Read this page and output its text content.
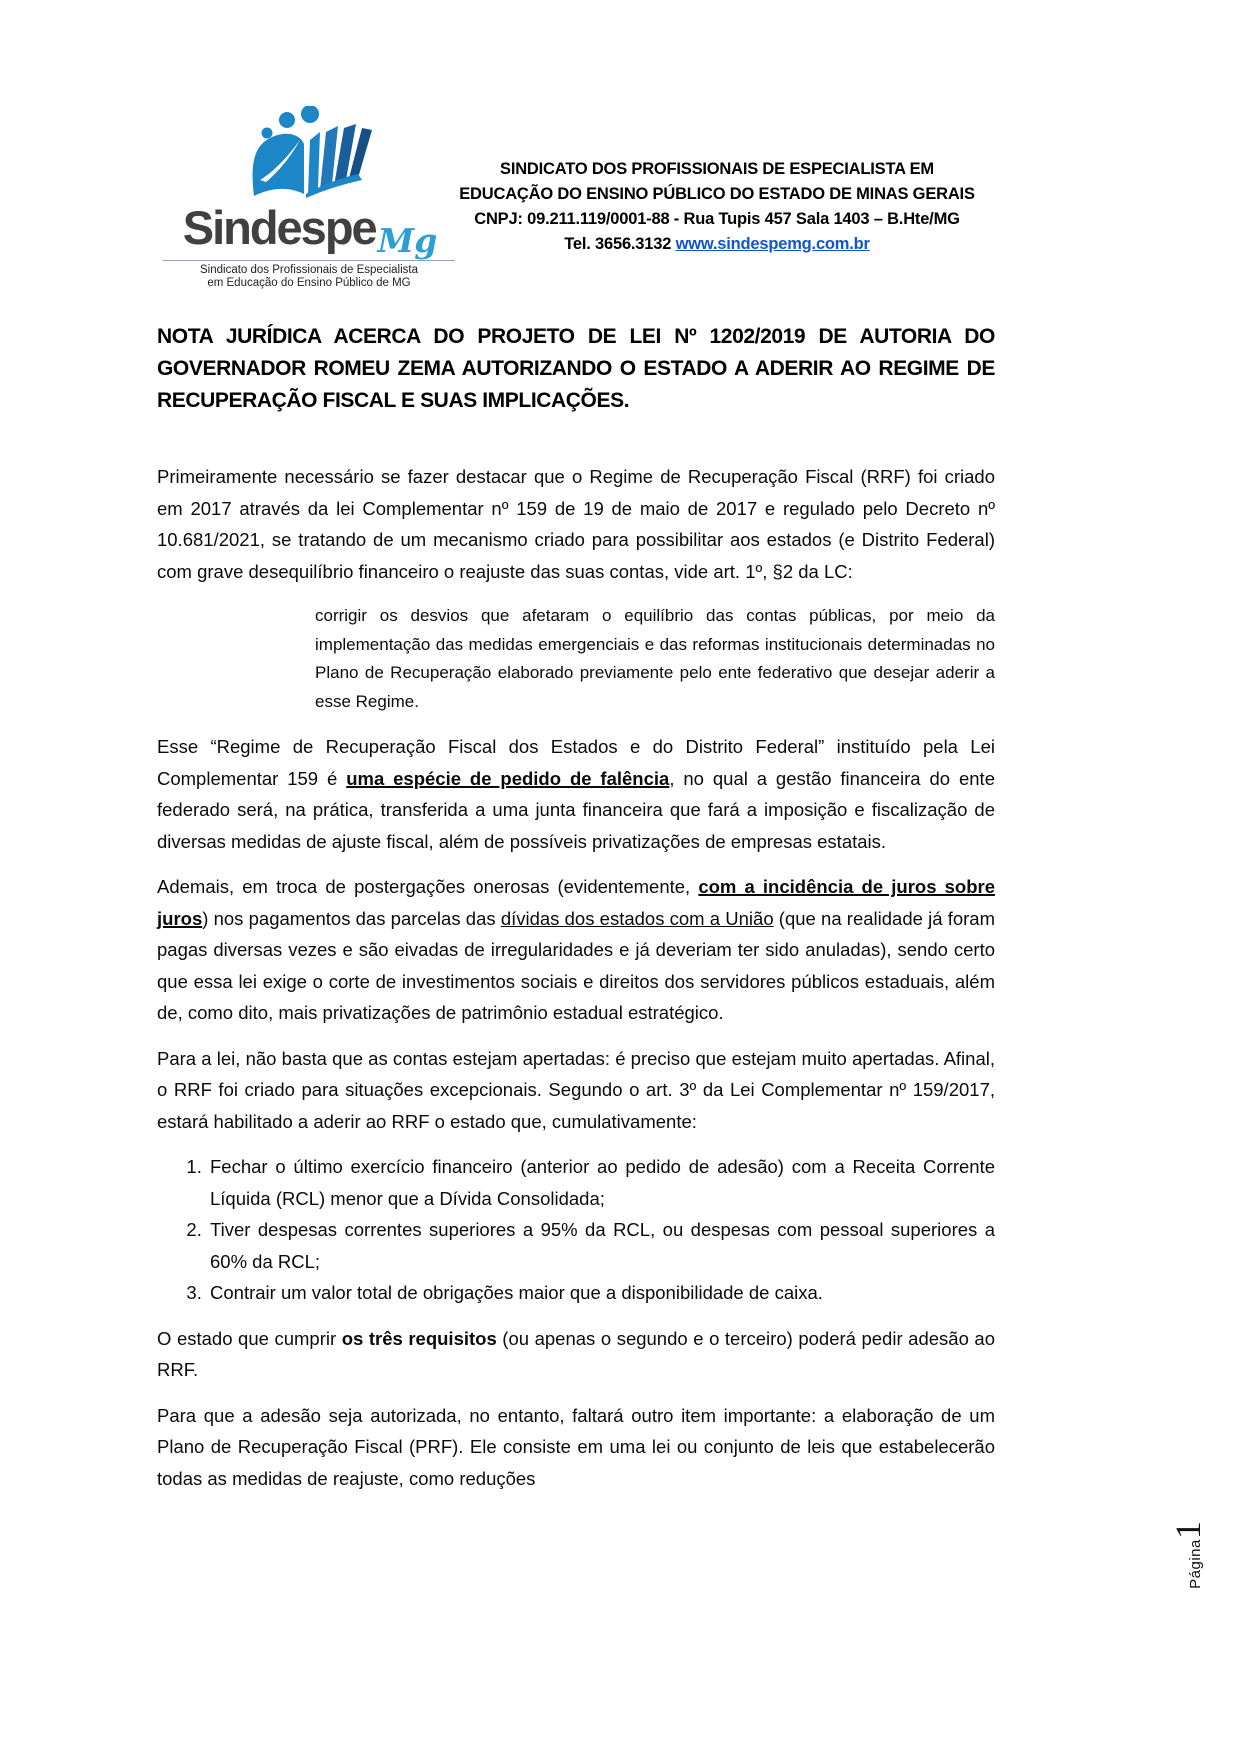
SindespeMg
Sindicato dos Profissionais de Especialista
em Educação do Ensino Público de MG
SINDICATO DOS PROFISSIONAIS DE ESPECIALISTA EM
EDUCAÇÃO DO ENSINO PÚBLICO DO ESTADO DE MINAS GERAIS
CNPJ: 09.211.119/0001-88 - Rua Tupis 457 Sala 1403 – B.Hte/MG
Tel. 3656.3132 www.sindespemg.com.br
NOTA JURÍDICA ACERCA DO PROJETO DE LEI Nº 1202/2019 DE AUTORIA DO GOVERNADOR ROMEU ZEMA AUTORIZANDO O ESTADO A ADERIR AO REGIME DE RECUPERAÇÃO FISCAL E SUAS IMPLICAÇÕES.

Primeiramente necessário se fazer destacar que o Regime de Recuperação Fiscal (RRF) foi criado em 2017 através da lei Complementar nº 159 de 19 de maio de 2017 e regulado pelo Decreto nº 10.681/2021, se tratando de um mecanismo criado para possibilitar aos estados (e Distrito Federal) com grave desequilíbrio financeiro o reajuste das suas contas, vide art. 1º, §2 da LC:

corrigir os desvios que afetaram o equilíbrio das contas públicas, por meio da implementação das medidas emergenciais e das reformas institucionais determinadas no Plano de Recuperação elaborado previamente pelo ente federativo que desejar aderir a esse Regime.

Esse “Regime de Recuperação Fiscal dos Estados e do Distrito Federal” instituído pela Lei Complementar 159 é uma espécie de pedido de falência, no qual a gestão financeira do ente federado será, na prática, transferida a uma junta financeira que fará a imposição e fiscalização de diversas medidas de ajuste fiscal, além de possíveis privatizações de empresas estatais.

Ademais, em troca de postergações onerosas (evidentemente, com a incidência de juros sobre juros) nos pagamentos das parcelas das dívidas dos estados com a União (que na realidade já foram pagas diversas vezes e são eivadas de irregularidades e já deveriam ter sido anuladas), sendo certo que essa lei exige o corte de investimentos sociais e direitos dos servidores públicos estaduais, além de, como dito, mais privatizações de patrimônio estadual estratégico.

Para a lei, não basta que as contas estejam apertadas: é preciso que estejam muito apertadas. Afinal, o RRF foi criado para situações excepcionais. Segundo o art. 3º da Lei Complementar nº 159/2017, estará habilitado a aderir ao RRF o estado que, cumulativamente:

1. Fechar o último exercício financeiro (anterior ao pedido de adesão) com a Receita Corrente Líquida (RCL) menor que a Dívida Consolidada;
2. Tiver despesas correntes superiores a 95% da RCL, ou despesas com pessoal superiores a 60% da RCL;
3. Contrair um valor total de obrigações maior que a disponibilidade de caixa.

O estado que cumprir os três requisitos (ou apenas o segundo e o terceiro) poderá pedir adesão ao RRF.

Para que a adesão seja autorizada, no entanto, faltará outro item importante: a elaboração de um Plano de Recuperação Fiscal (PRF). Ele consiste em uma lei ou conjunto de leis que estabelecerão todas as medidas de reajuste, como reduções

Página
1
